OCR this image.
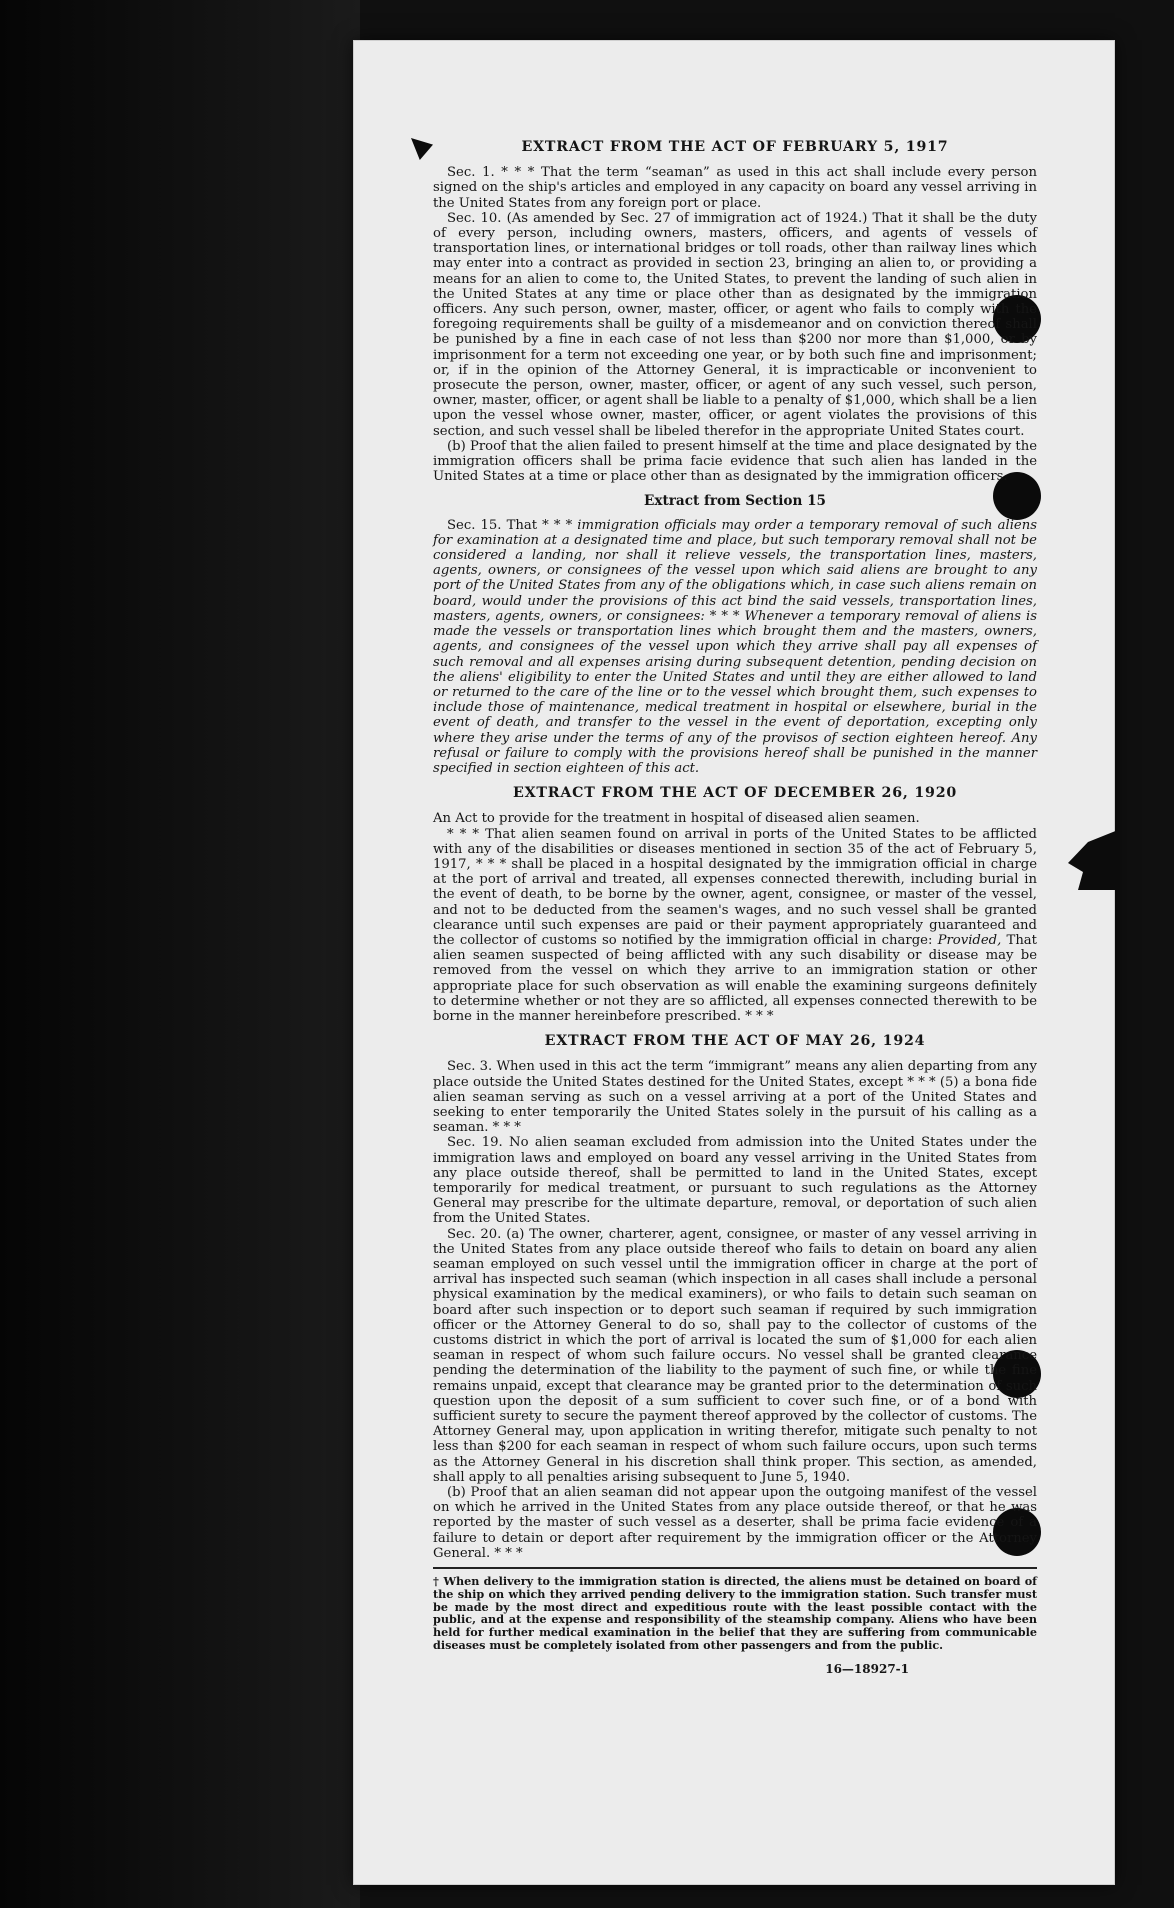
EXTRACT FROM THE ACT OF FEBRUARY 5, 1917

Sec. 1. * * * That the term “seaman” as used in this act shall include every person signed on the ship's articles and employed in any capacity on board any vessel arriving in the United States from any foreign port or place.

Sec. 10. (As amended by Sec. 27 of immigration act of 1924.) That it shall be the duty of every person, including owners, masters, officers, and agents of vessels of transportation lines, or international bridges or toll roads, other than railway lines which may enter into a contract as provided in section 23, bringing an alien to, or providing a means for an alien to come to, the United States, to prevent the landing of such alien in the United States at any time or place other than as designated by the immigration officers. Any such person, owner, master, officer, or agent who fails to comply with the foregoing requirements shall be guilty of a misdemeanor and on conviction thereof shall be punished by a fine in each case of not less than $200 nor more than $1,000, or by imprisonment for a term not exceeding one year, or by both such fine and imprisonment; or, if in the opinion of the Attorney General, it is impracticable or inconvenient to prosecute the person, owner, master, officer, or agent of any such vessel, such person, owner, master, officer, or agent shall be liable to a penalty of $1,000, which shall be a lien upon the vessel whose owner, master, officer, or agent violates the provisions of this section, and such vessel shall be libeled therefor in the appropriate United States court.

(b) Proof that the alien failed to present himself at the time and place designated by the immigration officers shall be prima facie evidence that such alien has landed in the United States at a time or place other than as designated by the immigration officers.

Extract from Section 15

Sec. 15. That * * * immigration officials may order a temporary removal of such aliens for examination at a designated time and place, but such temporary removal shall not be considered a landing, nor shall it relieve vessels, the transportation lines, masters, agents, owners, or consignees of the vessel upon which said aliens are brought to any port of the United States from any of the obligations which, in case such aliens remain on board, would under the provisions of this act bind the said vessels, transportation lines, masters, agents, owners, or consignees: * * * Whenever a temporary removal of aliens is made the vessels or transportation lines which brought them and the masters, owners, agents, and consignees of the vessel upon which they arrive shall pay all expenses of such removal and all expenses arising during subsequent detention, pending decision on the aliens' eligibility to enter the United States and until they are either allowed to land or returned to the care of the line or to the vessel which brought them, such expenses to include those of maintenance, medical treatment in hospital or elsewhere, burial in the event of death, and transfer to the vessel in the event of deportation, excepting only where they arise under the terms of any of the provisos of section eighteen hereof. Any refusal or failure to comply with the provisions hereof shall be punished in the manner specified in section eighteen of this act.

EXTRACT FROM THE ACT OF DECEMBER 26, 1920

An Act to provide for the treatment in hospital of diseased alien seamen.

* * * That alien seamen found on arrival in ports of the United States to be afflicted with any of the disabilities or diseases mentioned in section 35 of the act of February 5, 1917, * * * shall be placed in a hospital designated by the immigration official in charge at the port of arrival and treated, all expenses connected therewith, including burial in the event of death, to be borne by the owner, agent, consignee, or master of the vessel, and not to be deducted from the seamen's wages, and no such vessel shall be granted clearance until such expenses are paid or their payment appropriately guaranteed and the collector of customs so notified by the immigration official in charge: Provided, That alien seamen suspected of being afflicted with any such disability or disease may be removed from the vessel on which they arrive to an immigration station or other appropriate place for such observation as will enable the examining surgeons definitely to determine whether or not they are so afflicted, all expenses connected therewith to be borne in the manner hereinbefore prescribed. * * *

EXTRACT FROM THE ACT OF MAY 26, 1924

Sec. 3. When used in this act the term “immigrant” means any alien departing from any place outside the United States destined for the United States, except * * * (5) a bona fide alien seaman serving as such on a vessel arriving at a port of the United States and seeking to enter temporarily the United States solely in the pursuit of his calling as a seaman. * * *

Sec. 19. No alien seaman excluded from admission into the United States under the immigration laws and employed on board any vessel arriving in the United States from any place outside thereof, shall be permitted to land in the United States, except temporarily for medical treatment, or pursuant to such regulations as the Attorney General may prescribe for the ultimate departure, removal, or deportation of such alien from the United States.

Sec. 20. (a) The owner, charterer, agent, consignee, or master of any vessel arriving in the United States from any place outside thereof who fails to detain on board any alien seaman employed on such vessel until the immigration officer in charge at the port of arrival has inspected such seaman (which inspection in all cases shall include a personal physical examination by the medical examiners), or who fails to detain such seaman on board after such inspection or to deport such seaman if required by such immigration officer or the Attorney General to do so, shall pay to the collector of customs of the customs district in which the port of arrival is located the sum of $1,000 for each alien seaman in respect of whom such failure occurs. No vessel shall be granted clearance pending the determination of the liability to the payment of such fine, or while the fine remains unpaid, except that clearance may be granted prior to the determination of such question upon the deposit of a sum sufficient to cover such fine, or of a bond with sufficient surety to secure the payment thereof approved by the collector of customs. The Attorney General may, upon application in writing therefor, mitigate such penalty to not less than $200 for each seaman in respect of whom such failure occurs, upon such terms as the Attorney General in his discretion shall think proper. This section, as amended, shall apply to all penalties arising subsequent to June 5, 1940.

(b) Proof that an alien seaman did not appear upon the outgoing manifest of the vessel on which he arrived in the United States from any place outside thereof, or that he was reported by the master of such vessel as a deserter, shall be prima facie evidence of a failure to detain or deport after requirement by the immigration officer or the Attorney General. * * *

† When delivery to the immigration station is directed, the aliens must be detained on board of the ship on which they arrived pending delivery to the immigration station. Such transfer must be made by the most direct and expeditious route with the least possible contact with the public, and at the expense and responsibility of the steamship company. Aliens who have been held for further medical examination in the belief that they are suffering from communicable diseases must be completely isolated from other passengers and from the public.

16—18927-1
